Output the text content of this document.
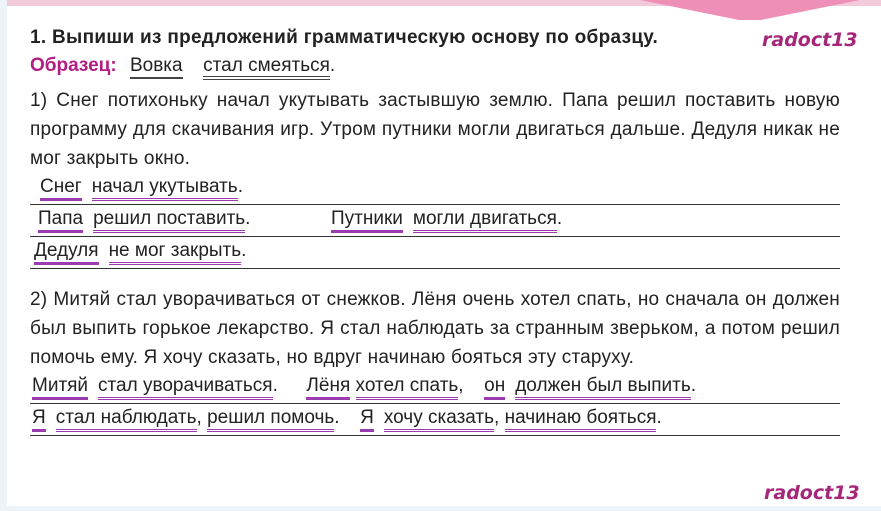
radoct13
radoct13
1. Выпиши из предложений грамматическую основу по образцу.
Образец: Вовка стал смеяться.
1) Снег потихоньку начал укутывать застывшую землю. Папа решил поставить новую программу для скачивания игр. Утром путники могли двигаться дальше. Дедуля никак не мог закрыть окно.
Снег начал укутывать.
Папа решил поставить.	Путники могли двигаться.
Дедуля не мог закрыть.
2) Митяй стал уворачиваться от снежков. Лёня очень хотел спать, но сначала он должен был выпить горькое лекарство. Я стал наблюдать за странным зверьком, а потом решил помочь ему. Я хочу сказать, но вдруг начинаю бояться эту старуху.
Митяй стал уворачиваться. Лёня хотел спать, он должен был выпить.
Я стал наблюдать, решил помочь. Я хочу сказать, начинаю бояться.
